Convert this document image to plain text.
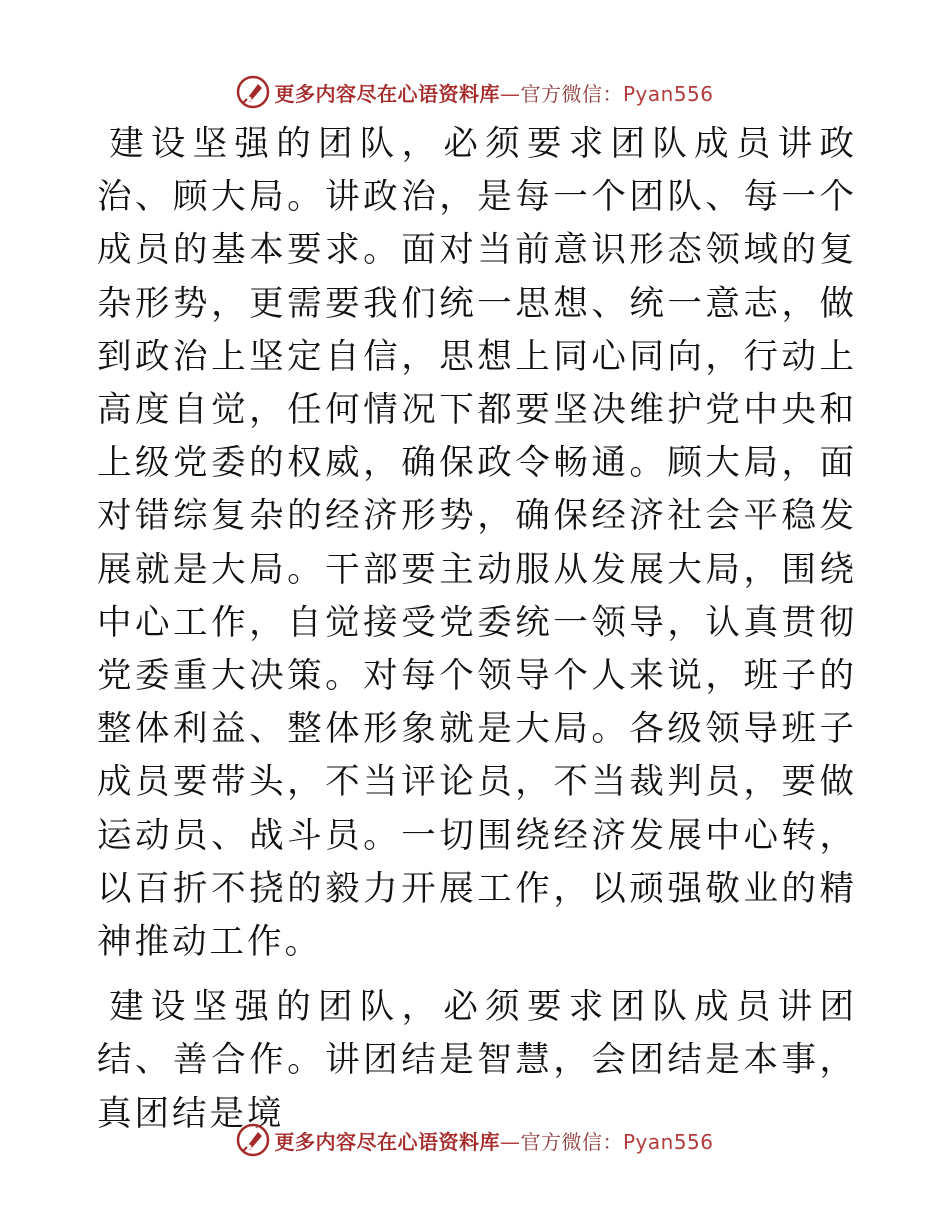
更多内容尽在心语资料库—官方微信：Pyan556

建设坚强的团队，必须要求团队成员讲政治、顾大局。讲政治，是每一个团队、每一个成员的基本要求。面对当前意识形态领域的复杂形势，更需要我们统一思想、统一意志，做到政治上坚定自信，思想上同心同向，行动上高度自觉，任何情况下都要坚决维护党中央和上级党委的权威，确保政令畅通。顾大局，面对错综复杂的经济形势，确保经济社会平稳发展就是大局。干部要主动服从发展大局，围绕中心工作，自觉接受党委统一领导，认真贯彻党委重大决策。对每个领导个人来说，班子的整体利益、整体形象就是大局。各级领导班子成员要带头，不当评论员，不当裁判员，要做运动员、战斗员。一切围绕经济发展中心转，以百折不挠的毅力开展工作，以顽强敬业的精神推动工作。

建设坚强的团队，必须要求团队成员讲团结、善合作。讲团结是智慧，会团结是本事，真团结是境

更多内容尽在心语资料库—官方微信：Pyan556
